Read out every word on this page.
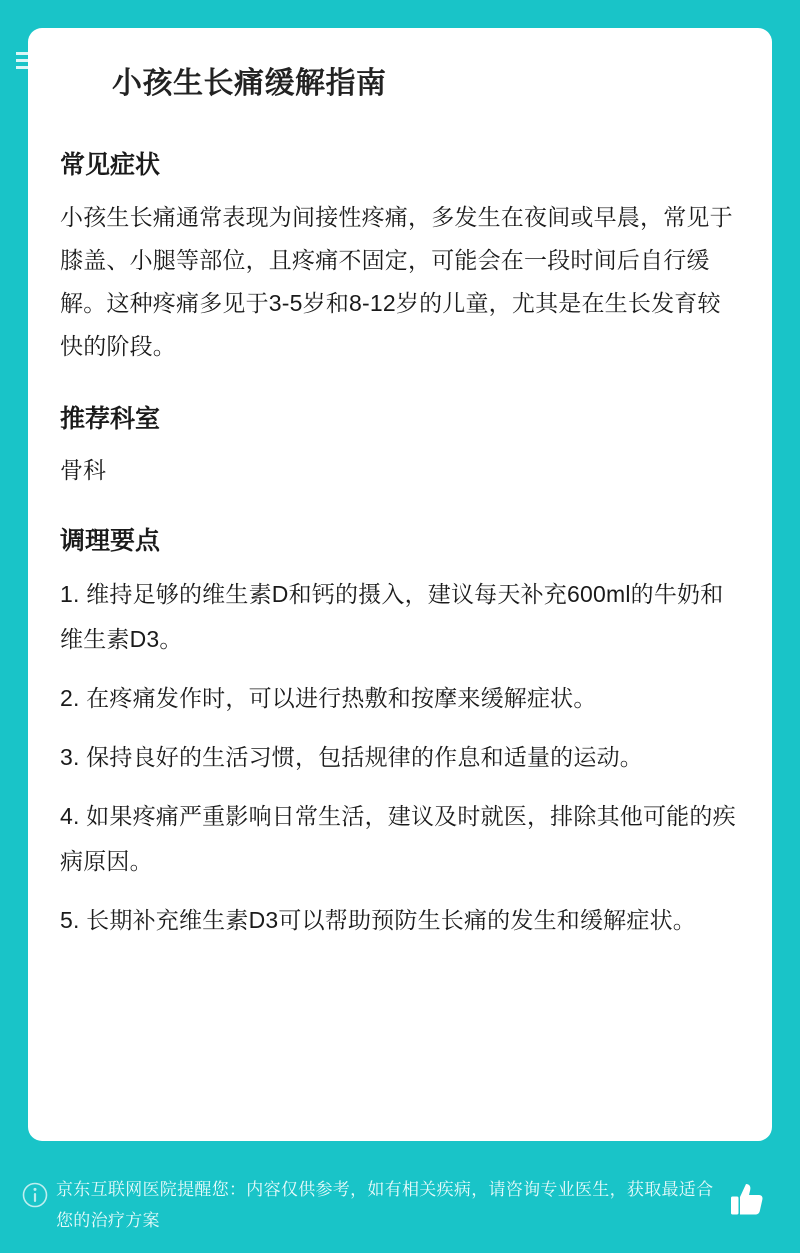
小孩生长痛缓解指南
常见症状

小孩生长痛通常表现为间接性疼痛，多发生在夜间或早晨，常见于膝盖、小腿等部位，且疼痛不固定，可能会在一段时间后自行缓解。这种疼痛多见于3-5岁和8-12岁的儿童，尤其是在生长发育较快的阶段。

推荐科室

骨科

调理要点

1. 维持足够的维生素D和钙的摄入，建议每天补充600ml的牛奶和维生素D3。

2. 在疼痛发作时，可以进行热敷和按摩来缓解症状。

3. 保持良好的生活习惯，包括规律的作息和适量的运动。

4. 如果疼痛严重影响日常生活，建议及时就医，排除其他可能的疾病原因。

5. 长期补充维生素D3可以帮助预防生长痛的发生和缓解症状。

京东互联网医院提醒您：内容仅供参考，如有相关疾病，请咨询专业医生，获取最适合您的治疗方案
